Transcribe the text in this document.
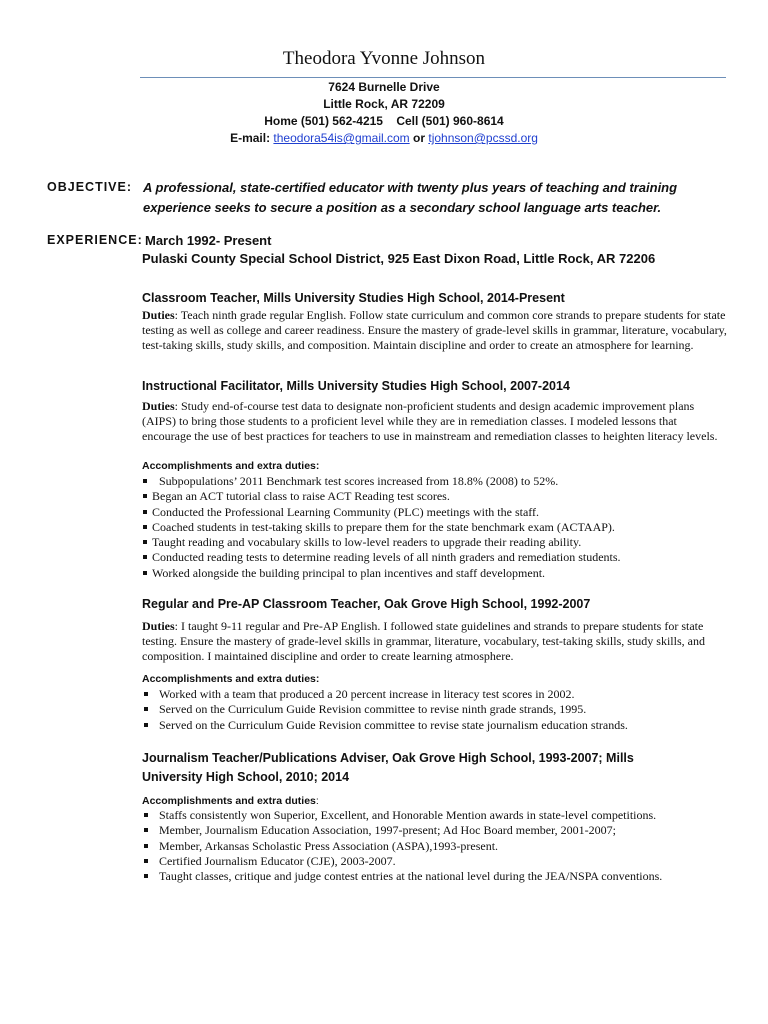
Theodora Yvonne Johnson
7624 Burnelle Drive
Little Rock, AR 72209
Home (501) 562-4215    Cell (501) 960-8614
E-mail: theodora54is@gmail.com or tjohnson@pcssd.org
OBJECTIVE: A professional, state-certified educator with twenty plus years of teaching and training experience seeks to secure a position as a secondary school language arts teacher.
EXPERIENCE: March 1992- Present
Pulaski County Special School District, 925 East Dixon Road, Little Rock, AR 72206
Classroom Teacher, Mills University Studies High School, 2014-Present
Duties: Teach ninth grade regular English. Follow state curriculum and common core strands to prepare students for state testing as well as college and career readiness. Ensure the mastery of grade-level skills in grammar, literature, vocabulary, test-taking skills, study skills, and composition. Maintain discipline and order to create an atmosphere for learning.
Instructional Facilitator, Mills University Studies High School, 2007-2014
Duties: Study end-of-course test data to designate non-proficient students and design academic improvement plans (AIPS) to bring those students to a proficient level while they are in remediation classes. I modeled lessons that encourage the use of best practices for teachers to use in mainstream and remediation classes to heighten literacy levels.
Accomplishments and extra duties:
Subpopulations’ 2011 Benchmark test scores increased from 18.8% (2008) to 52%.
Began an ACT tutorial class to raise ACT Reading test scores.
Conducted the Professional Learning Community (PLC) meetings with the staff.
Coached students in test-taking skills to prepare them for the state benchmark exam (ACTAAP).
Taught reading and vocabulary skills to low-level readers to upgrade their reading ability.
Conducted reading tests to determine reading levels of all ninth graders and remediation students.
Worked alongside the building principal to plan incentives and staff development.
Regular and Pre-AP Classroom Teacher, Oak Grove High School, 1992-2007
Duties: I taught 9-11 regular and Pre-AP English. I followed state guidelines and strands to prepare students for state testing. Ensure the mastery of grade-level skills in grammar, literature, vocabulary, test-taking skills, study skills, and composition. I maintained discipline and order to create learning atmosphere.
Accomplishments and extra duties:
Worked with a team that produced a 20 percent increase in literacy test scores in 2002.
Served on the Curriculum Guide Revision committee to revise ninth grade strands, 1995.
Served on the Curriculum Guide Revision committee to revise state journalism education strands.
Journalism Teacher/Publications Adviser, Oak Grove High School, 1993-2007; Mills
University High School, 2010; 2014
Accomplishments and extra duties:
Staffs consistently won Superior, Excellent, and Honorable Mention awards in state-level competitions.
Member, Journalism Education Association, 1997-present; Ad Hoc Board member, 2001-2007;
Member, Arkansas Scholastic Press Association (ASPA),1993-present.
Certified Journalism Educator (CJE), 2003-2007.
Taught classes, critique and judge contest entries at the national level during the JEA/NSPA conventions.
